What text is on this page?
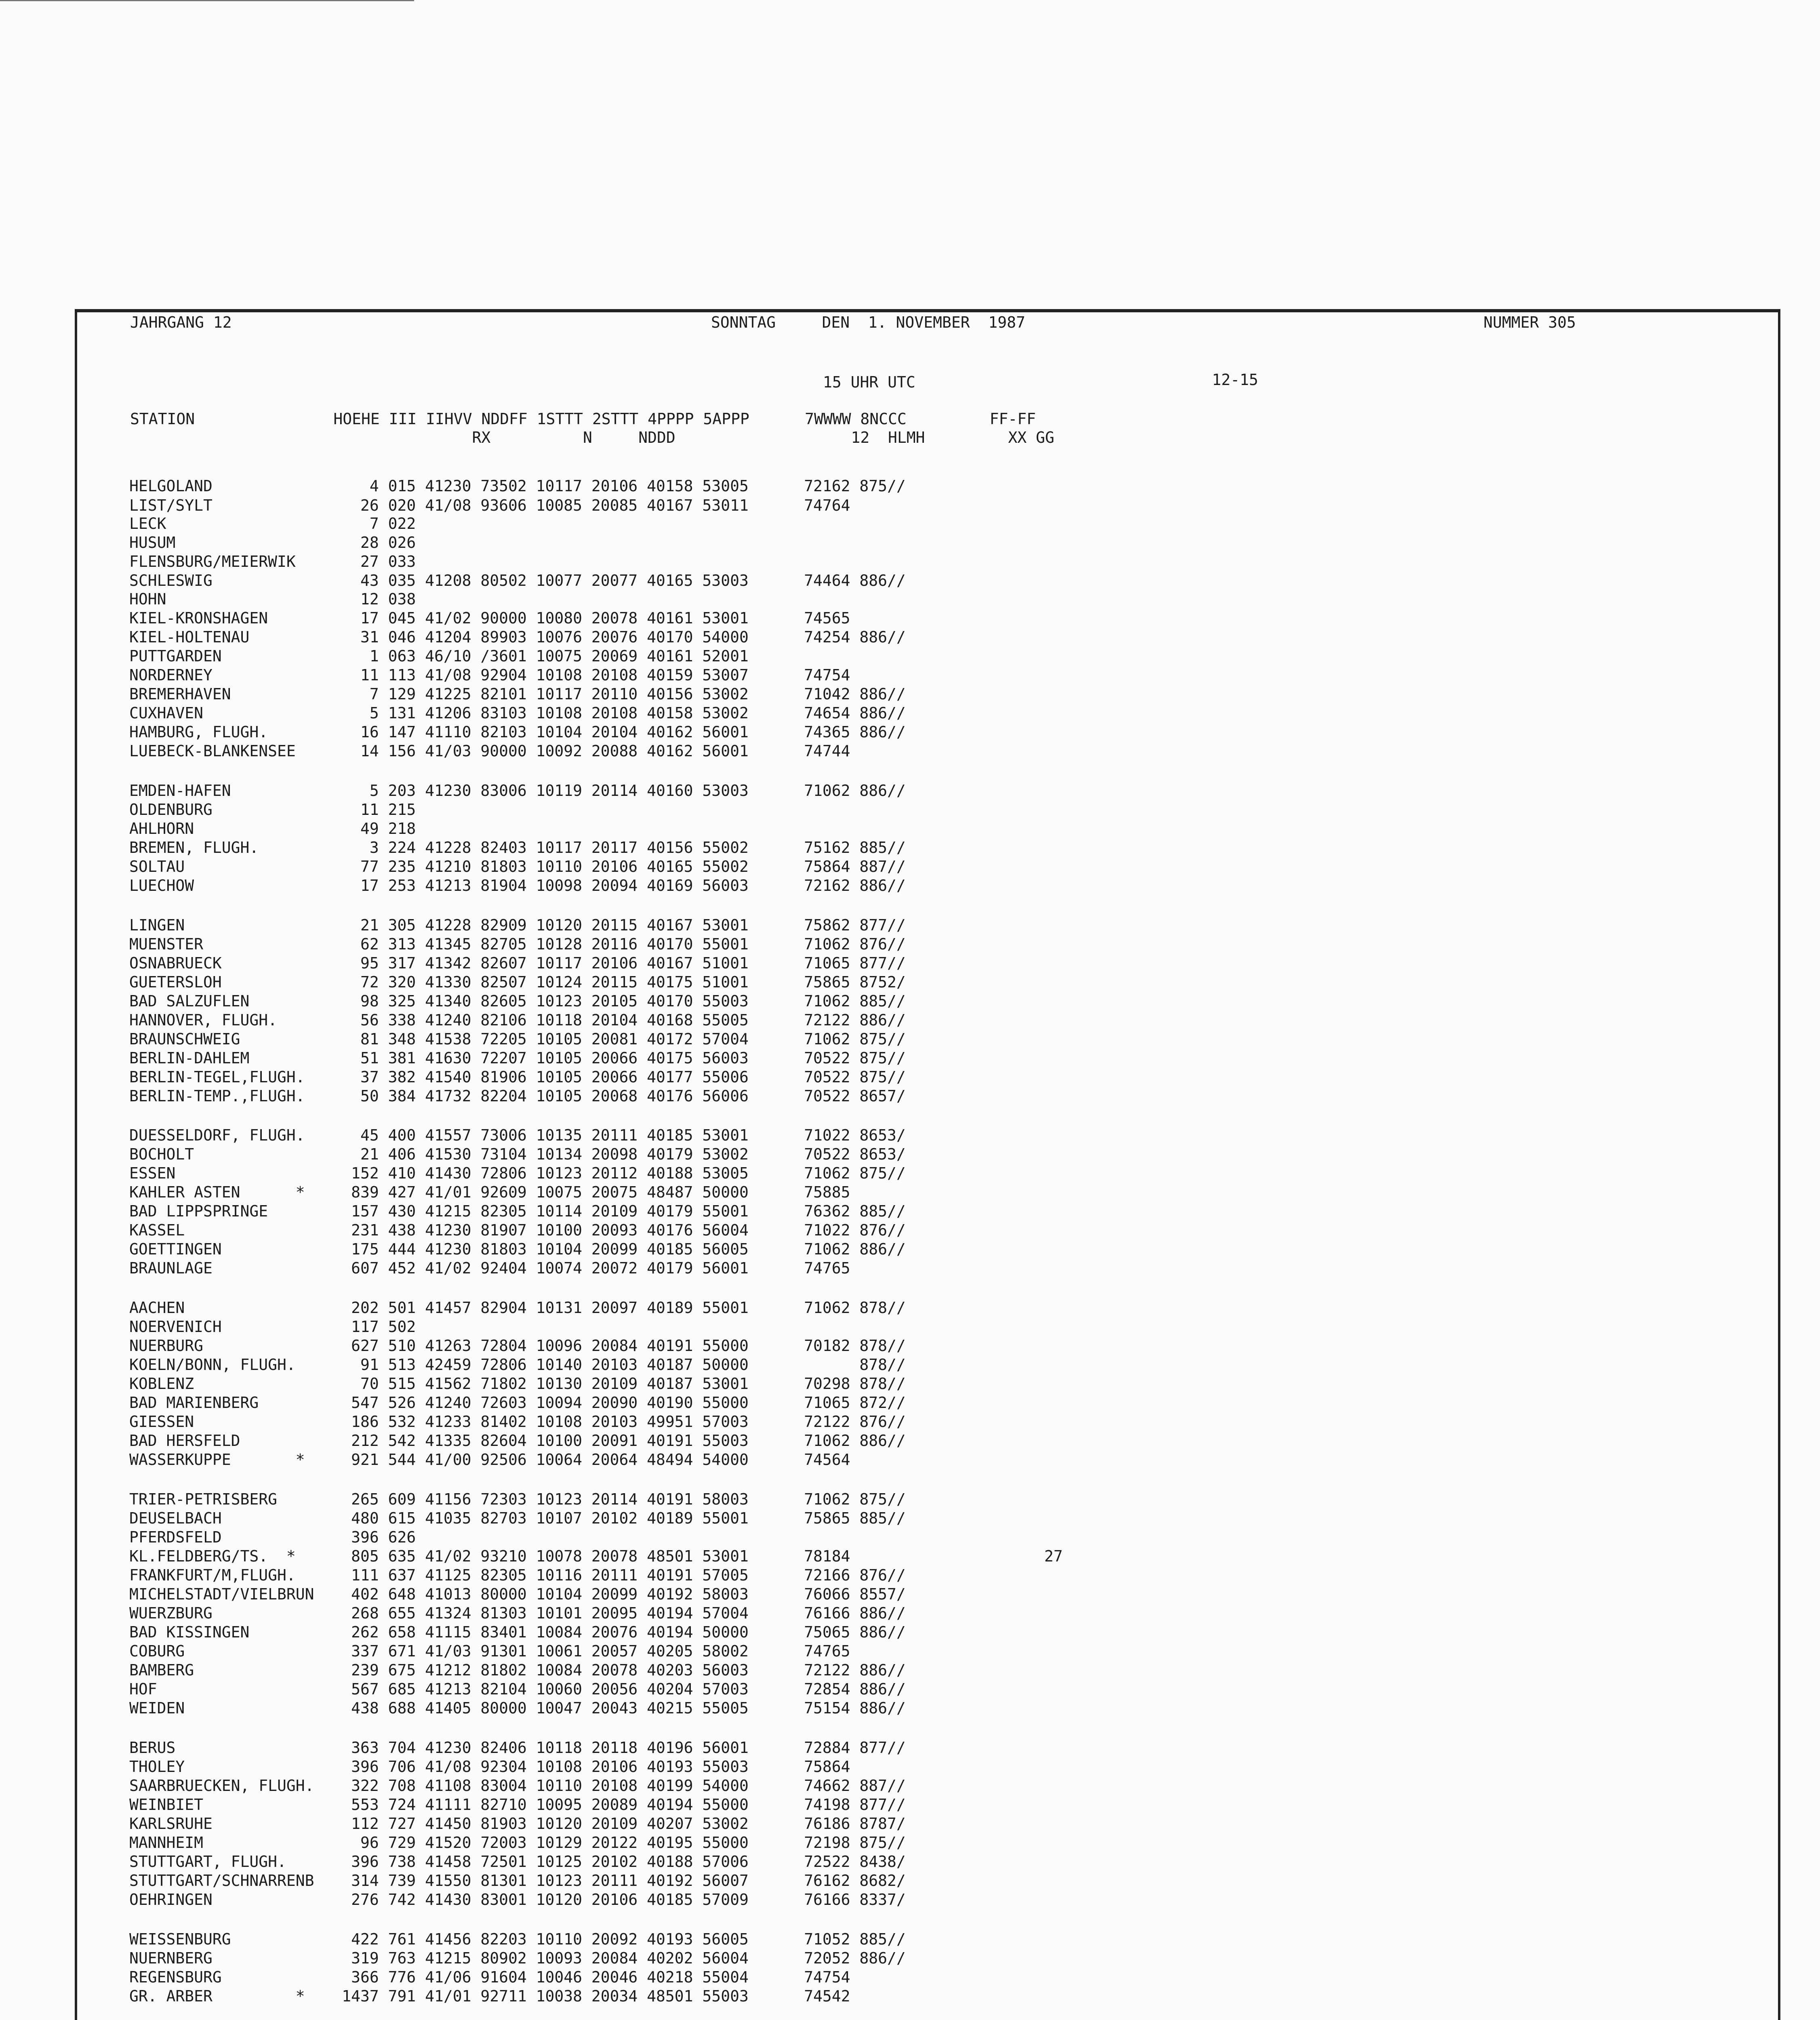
JAHRGANG 12	SONNTAG     DEN  1. NOVEMBER  1987	NUMMER 305
15 UHR UTC	12-15
STATION               HOEHE III IIHVV NDDFF 1STTT 2STTT 4PPPP 5APPP      7WWWW 8NCCC         FF-FF
RX          N     NDDD                   12  HLMH         XX GG
HELGOLAND                 4 015 41230 73502 10117 20106 40158 53005      72162 875//
LIST/SYLT                26 020 41/08 93606 10085 20085 40167 53011      74764
LECK                      7 022
HUSUM                    28 026
FLENSBURG/MEIERWIK       27 033
SCHLESWIG                43 035 41208 80502 10077 20077 40165 53003      74464 886//
HOHN                     12 038
KIEL-KRONSHAGEN          17 045 41/02 90000 10080 20078 40161 53001      74565
KIEL-HOLTENAU            31 046 41204 89903 10076 20076 40170 54000      74254 886//
PUTTGARDEN                1 063 46/10 /3601 10075 20069 40161 52001
NORDERNEY                11 113 41/08 92904 10108 20108 40159 53007      74754
BREMERHAVEN               7 129 41225 82101 10117 20110 40156 53002      71042 886//
CUXHAVEN                  5 131 41206 83103 10108 20108 40158 53002      74654 886//
HAMBURG, FLUGH.          16 147 41110 82103 10104 20104 40162 56001      74365 886//
LUEBECK-BLANKENSEE       14 156 41/03 90000 10092 20088 40162 56001      74744
EMDEN-HAFEN               5 203 41230 83006 10119 20114 40160 53003      71062 886//
OLDENBURG                11 215
AHLHORN                  49 218
BREMEN, FLUGH.            3 224 41228 82403 10117 20117 40156 55002      75162 885//
SOLTAU                   77 235 41210 81803 10110 20106 40165 55002      75864 887//
LUECHOW                  17 253 41213 81904 10098 20094 40169 56003      72162 886//
LINGEN                   21 305 41228 82909 10120 20115 40167 53001      75862 877//
MUENSTER                 62 313 41345 82705 10128 20116 40170 55001      71062 876//
OSNABRUECK               95 317 41342 82607 10117 20106 40167 51001      71065 877//
GUETERSLOH               72 320 41330 82507 10124 20115 40175 51001      75865 8752/
BAD SALZUFLEN            98 325 41340 82605 10123 20105 40170 55003      71062 885//
HANNOVER, FLUGH.         56 338 41240 82106 10118 20104 40168 55005      72122 886//
BRAUNSCHWEIG             81 348 41538 72205 10105 20081 40172 57004      71062 875//
BERLIN-DAHLEM            51 381 41630 72207 10105 20066 40175 56003      70522 875//
BERLIN-TEGEL,FLUGH.      37 382 41540 81906 10105 20066 40177 55006      70522 875//
BERLIN-TEMP.,FLUGH.      50 384 41732 82204 10105 20068 40176 56006      70522 8657/
DUESSELDORF, FLUGH.      45 400 41557 73006 10135 20111 40185 53001      71022 8653/
BOCHOLT                  21 406 41530 73104 10134 20098 40179 53002      70522 8653/
ESSEN                   152 410 41430 72806 10123 20112 40188 53005      71062 875//
KAHLER ASTEN      *     839 427 41/01 92609 10075 20075 48487 50000      75885
BAD LIPPSPRINGE         157 430 41215 82305 10114 20109 40179 55001      76362 885//
KASSEL                  231 438 41230 81907 10100 20093 40176 56004      71022 876//
GOETTINGEN              175 444 41230 81803 10104 20099 40185 56005      71062 886//
BRAUNLAGE               607 452 41/02 92404 10074 20072 40179 56001      74765
AACHEN                  202 501 41457 82904 10131 20097 40189 55001      71062 878//
NOERVENICH              117 502
NUERBURG                627 510 41263 72804 10096 20084 40191 55000      70182 878//
KOELN/BONN, FLUGH.       91 513 42459 72806 10140 20103 40187 50000            878//
KOBLENZ                  70 515 41562 71802 10130 20109 40187 53001      70298 878//
BAD MARIENBERG          547 526 41240 72603 10094 20090 40190 55000      71065 872//
GIESSEN                 186 532 41233 81402 10108 20103 49951 57003      72122 876//
BAD HERSFELD            212 542 41335 82604 10100 20091 40191 55003      71062 886//
WASSERKUPPE       *     921 544 41/00 92506 10064 20064 48494 54000      74564
TRIER-PETRISBERG        265 609 41156 72303 10123 20114 40191 58003      71062 875//
DEUSELBACH              480 615 41035 82703 10107 20102 40189 55001      75865 885//
PFERDSFELD              396 626
KL.FELDBERG/TS.  *      805 635 41/02 93210 10078 20078 48501 53001      78184                     27
FRANKFURT/M,FLUGH.      111 637 41125 82305 10116 20111 40191 57005      72166 876//
MICHELSTADT/VIELBRUN    402 648 41013 80000 10104 20099 40192 58003      76066 8557/
WUERZBURG               268 655 41324 81303 10101 20095 40194 57004      76166 886//
BAD KISSINGEN           262 658 41115 83401 10084 20076 40194 50000      75065 886//
COBURG                  337 671 41/03 91301 10061 20057 40205 58002      74765
BAMBERG                 239 675 41212 81802 10084 20078 40203 56003      72122 886//
HOF                     567 685 41213 82104 10060 20056 40204 57003      72854 886//
WEIDEN                  438 688 41405 80000 10047 20043 40215 55005      75154 886//
BERUS                   363 704 41230 82406 10118 20118 40196 56001      72884 877//
THOLEY                  396 706 41/08 92304 10108 20106 40193 55003      75864
SAARBRUECKEN, FLUGH.    322 708 41108 83004 10110 20108 40199 54000      74662 887//
WEINBIET                553 724 41111 82710 10095 20089 40194 55000      74198 877//
KARLSRUHE               112 727 41450 81903 10120 20109 40207 53002      76186 8787/
MANNHEIM                 96 729 41520 72003 10129 20122 40195 55000      72198 875//
STUTTGART, FLUGH.       396 738 41458 72501 10125 20102 40188 57006      72522 8438/
STUTTGART/SCHNARRENB    314 739 41550 81301 10123 20111 40192 56007      76162 8682/
OEHRINGEN               276 742 41430 83001 10120 20106 40185 57009      76166 8337/
WEISSENBURG             422 761 41456 82203 10110 20092 40193 56005      71052 885//
NUERNBERG               319 763 41215 80902 10093 20084 40202 56004      72052 886//
REGENSBURG              366 776 41/06 91604 10046 20046 40218 55004      74754
GR. ARBER         *    1437 791 41/01 92711 10038 20034 48501 55003      74542
